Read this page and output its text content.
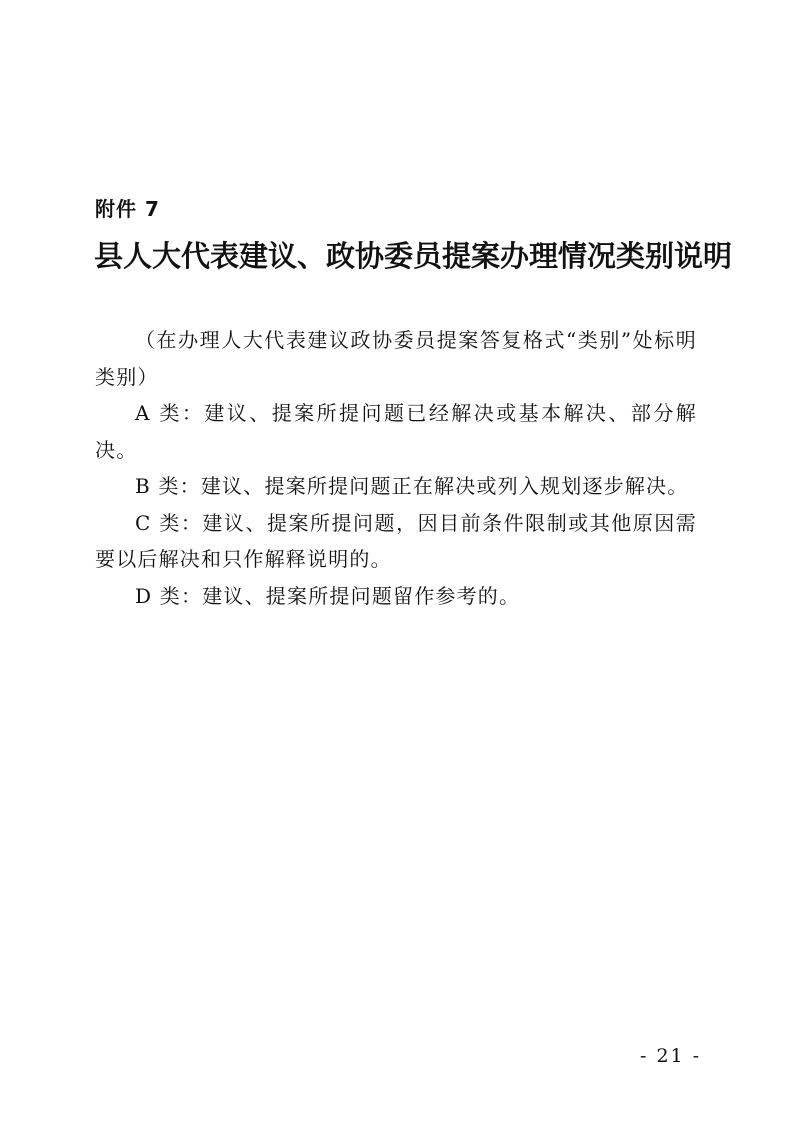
附件 7
县人大代表建议、政协委员提案办理情况类别说明

（在办理人大代表建议政协委员提案答复格式“类别”处标明类别）

A 类：建议、提案所提问题已经解决或基本解决、部分解决。

B 类：建议、提案所提问题正在解决或列入规划逐步解决。

C 类：建议、提案所提问题，因目前条件限制或其他原因需要以后解决和只作解释说明的。

D 类：建议、提案所提问题留作参考的。

- 21 -
